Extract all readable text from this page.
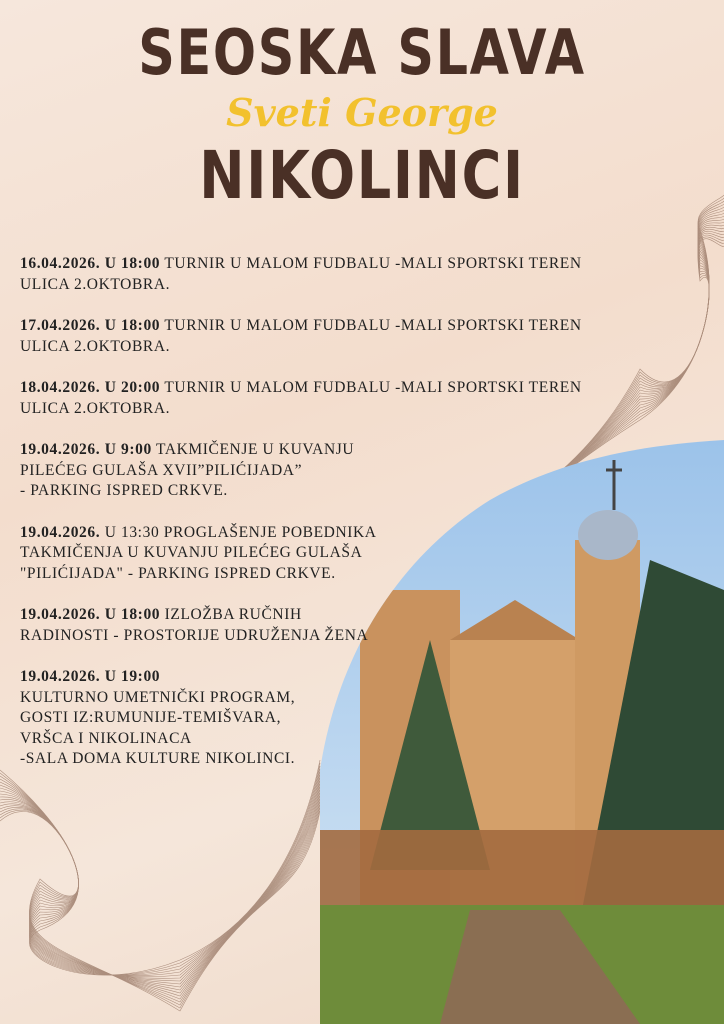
SEOSKA SLAVA
Sveti George
NIKOLINCI
16.04.2026. U 18:00 TURNIR U MALOM FUDBALU -MALI SPORTSKI TEREN
ULICA 2.OKTOBRA.
17.04.2026. U 18:00 TURNIR U MALOM FUDBALU -MALI SPORTSKI TEREN
ULICA 2.OKTOBRA.
18.04.2026. U 20:00 TURNIR U MALOM FUDBALU -MALI SPORTSKI TEREN
ULICA 2.OKTOBRA.
19.04.2026. U 9:00 TAKMIČENJE U KUVANJU
PILEĆEG GULAŠA XVII”PILIĆIJADA”
- PARKING ISPRED CRKVE.
19.04.2026. U 13:30 PROGLAŠENJE POBEDNIKA
TAKMIČENJA U KUVANJU PILEĆEG GULAŠA
"PILIĆIJADA" - PARKING ISPRED CRKVE.
19.04.2026. U 18:00 IZLOŽBA RUČNIH
RADINOSTI - PROSTORIJE UDRUŽENJA ŽENA
19.04.2026. U 19:00
KULTURNO UMETNIČKI PROGRAM,
GOSTI IZ:RUMUNIJE-TEMIŠVARA,
VRŠCA I NIKOLINACA
-SALA DOMA KULTURE NIKOLINCI.
